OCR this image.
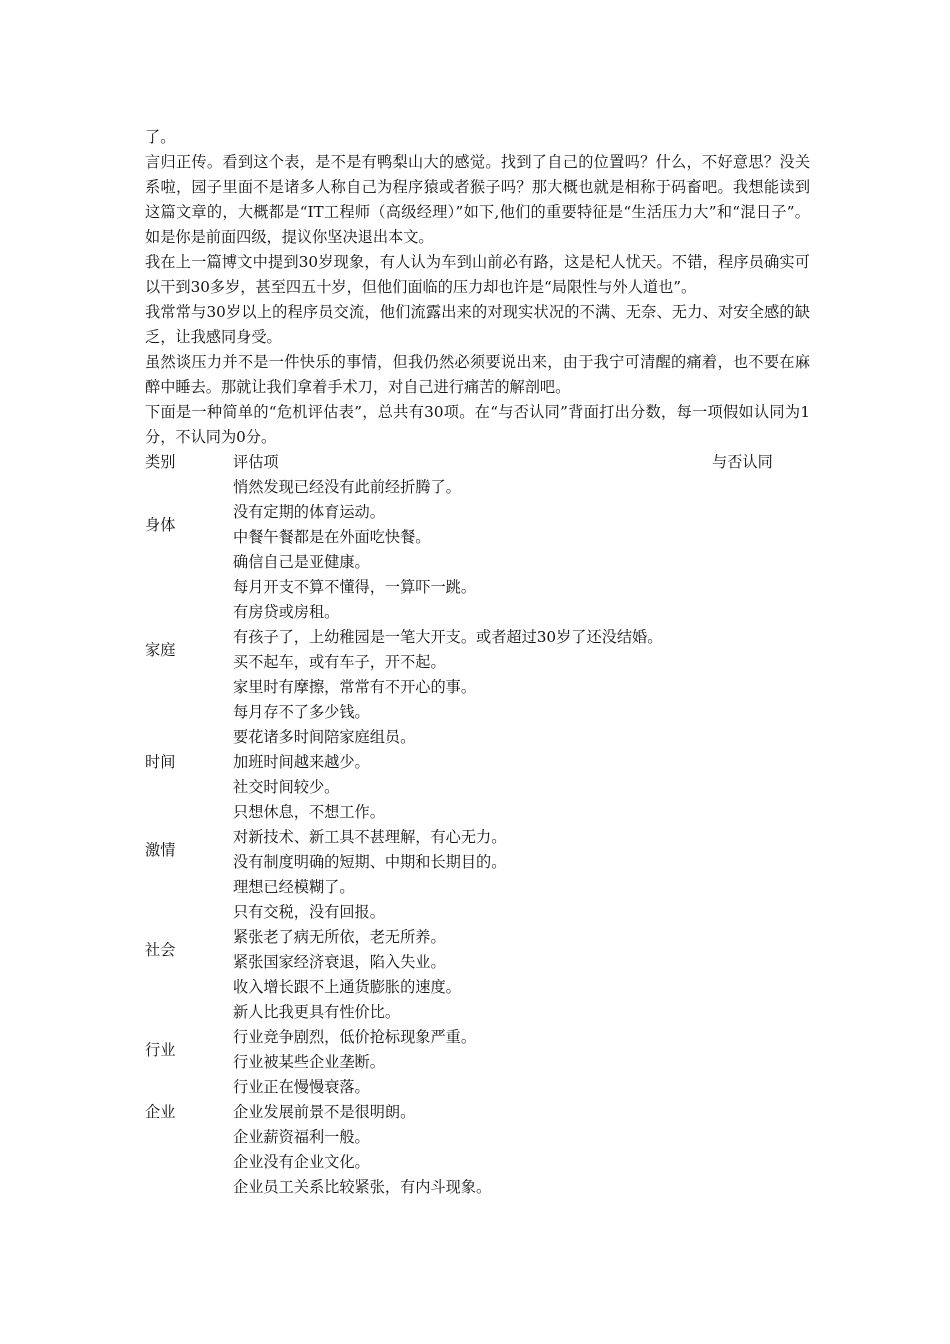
了。

言归正传。看到这个表，是不是有鸭梨山大的感觉。找到了自己的位置吗？什么，不好意思？没关系啦，园子里面不是诸多人称自己为程序猿或者猴子吗？那大概也就是相称于码畜吧。我想能读到这篇文章的，大概都是“IT工程师（高级经理）”如下,他们的重要特征是“生活压力大”和“混日子”。如是你是前面四级，提议你坚决退出本文。

我在上一篇博文中提到30岁现象，有人认为车到山前必有路，这是杞人忧天。不错，程序员确实可以干到30多岁，甚至四五十岁，但他们面临的压力却也许是“局限性与外人道也”。

我常常与30岁以上的程序员交流，他们流露出来的对现实状况的不满、无奈、无力、对安全感的缺乏，让我感同身受。

虽然谈压力并不是一件快乐的事情，但我仍然必须要说出来，由于我宁可清醒的痛着，也不要在麻醉中睡去。那就让我们拿着手术刀，对自己进行痛苦的解剖吧。

下面是一种简单的“危机评估表”，总共有30项。在“与否认同”背面打出分数，每一项假如认同为1分，不认同为0分。

类别	评估项	与否认同
悄然发现已经没有此前经折腾了。
没有定期的体育运动。
中餐午餐都是在外面吃快餐。
确信自己是亚健康。
每月开支不算不懂得，一算吓一跳。
有房贷或房租。
有孩子了，上幼稚园是一笔大开支。或者超过30岁了还没结婚。
买不起车，或有车子，开不起。
家里时有摩擦，常常有不开心的事。
每月存不了多少钱。
要花诸多时间陪家庭组员。
加班时间越来越少。
社交时间较少。
只想休息，不想工作。
对新技术、新工具不甚理解，有心无力。
没有制度明确的短期、中期和长期目的。
理想已经模糊了。
只有交税，没有回报。
紧张老了病无所依，老无所养。
紧张国家经济衰退，陷入失业。
收入增长跟不上通货膨胀的速度。
新人比我更具有性价比。
行业竞争剧烈，低价抢标现象严重。
行业被某些企业垄断。
行业正在慢慢衰落。
企业发展前景不是很明朗。
企业薪资福利一般。
企业没有企业文化。
企业员工关系比较紧张，有内斗现象。
身体
家庭
时间
激情
社会
行业
企业
